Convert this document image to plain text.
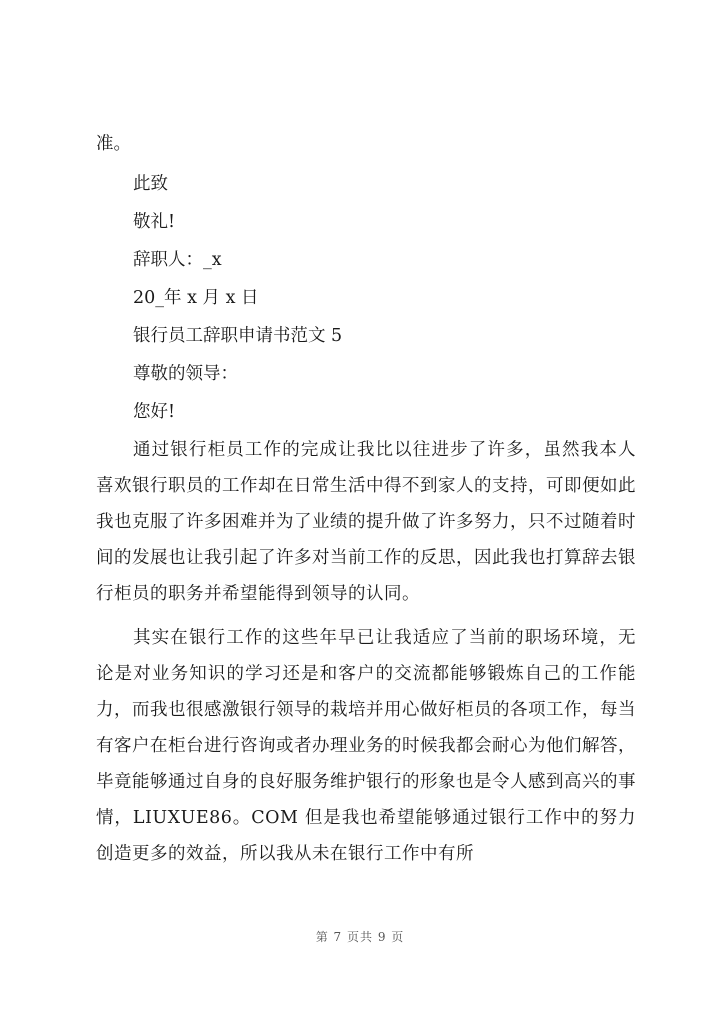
准。
此致
敬礼!
辞职人：_x
20_年 x 月 x 日
银行员工辞职申请书范文 5
尊敬的领导：
您好!
通过银行柜员工作的完成让我比以往进步了许多，虽然我本人喜欢银行职员的工作却在日常生活中得不到家人的支持，可即便如此我也克服了许多困难并为了业绩的提升做了许多努力，只不过随着时间的发展也让我引起了许多对当前工作的反思，因此我也打算辞去银行柜员的职务并希望能得到领导的认同。
其实在银行工作的这些年早已让我适应了当前的职场环境，无论是对业务知识的学习还是和客户的交流都能够锻炼自己的工作能力，而我也很感激银行领导的栽培并用心做好柜员的各项工作，每当有客户在柜台进行咨询或者办理业务的时候我都会耐心为他们解答，毕竟能够通过自身的良好服务维护银行的形象也是令人感到高兴的事情，LIUXUE86。COM 但是我也希望能够通过银行工作中的努力创造更多的效益，所以我从未在银行工作中有所
第 7 页共 9 页
